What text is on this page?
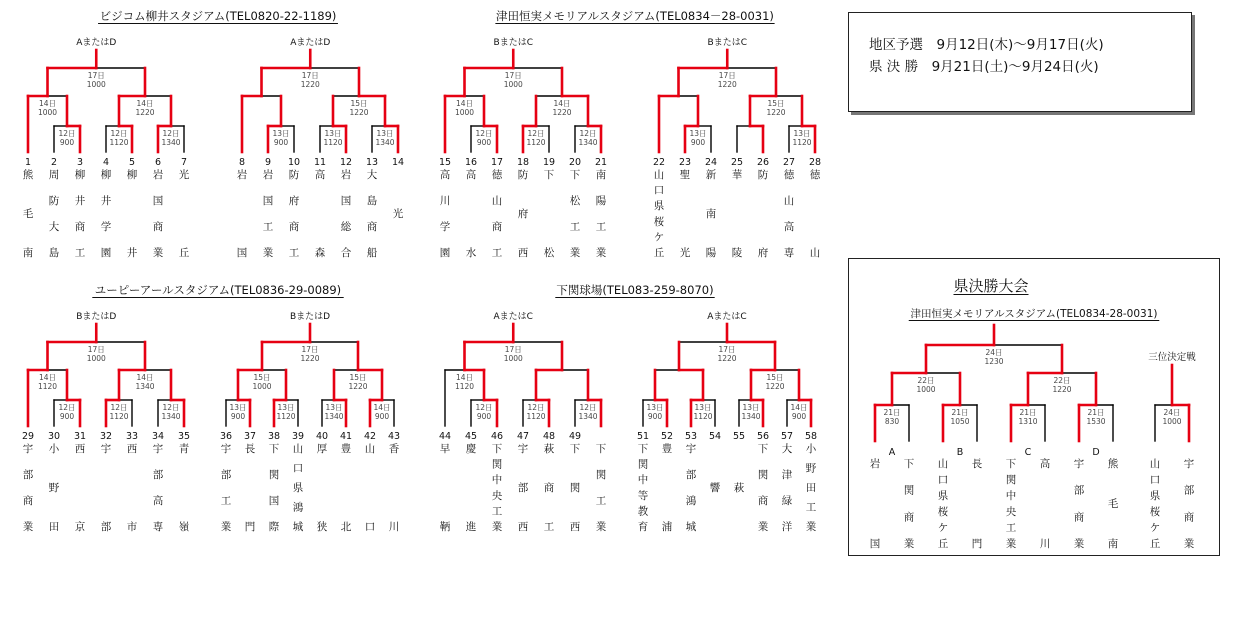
ビジコム柳井スタジアム(TEL0820-22-1189)
17日
1000
14日
1000
1
熊
毛
南
12日
900
2
周
防
大
島
3
柳
井
商
工
14日
1220
12日
1120
4
柳
井
学
園
5
柳
井
12日
1340
6
岩
国
商
業
7
光
丘
AまたはD
17日
1220
8
岩
国
13日
900
9
岩
国
工
業
10
防
府
商
工
15日
1220
13日
1120
11
高
森
12
岩
国
総
合
13日
1340
13
大
島
商
船
14
光
AまたはD
津田恒実メモリアルスタジアム(TEL0834－28-0031)
17日
1000
14日
1000
15
高
川
学
園
12日
900
16
高
水
17
徳
山
商
工
14日
1220
12日
1120
18
防
府
西
19
下
松
12日
1340
20
下
松
工
業
21
南
陽
工
業
BまたはC
17日
1220
22
山
口
県
桜
ケ
丘
13日
900
23
聖
光
24
新
南
陽
15日
1220
25
華
陵
26
防
府
13日
1120
27
徳
山
高
専
28
徳
山
BまたはC
ユーピーアールスタジアム(TEL0836-29-0089)
17日
1000
14日
1120
29
宇
部
商
業
12日
900
30
小
野
田
31
西
京
14日
1340
12日
1120
32
宇
部
33
西
市
12日
1340
34
宇
部
高
専
35
青
嶺
BまたはD
17日
1220
15日
1000
13日
900
36
宇
部
工
業
37
長
門
13日
1120
38
下
関
国
際
39
山
口
県
鴻
城
15日
1220
13日
1340
40
厚
狭
41
豊
北
14日
900
42
山
口
43
香
川
BまたはD
下関球場(TEL083-259-8070)
17日
1000
14日
1120
44
早
鞆
12日
900
45
慶
進
46
下
関
中
央
工
業
12日
1120
47
宇
部
西
48
萩
商
工
12日
1340
49
下
関
西
下
関
工
業
AまたはC
17日
1220
13日
900
51
下
関
中
等
教
育
52
豊
浦
13日
1120
53
宇
部
鴻
城
54
響
15日
1220
13日
1340
55
萩
56
下
関
商
業
14日
900
57
大
津
緑
洋
58
小
野
田
工
業
AまたはC
地区予選　9月12日(木)～9月17日(火)
県 決 勝　9月21日(土)～9月24日(火)
県決勝大会
津田恒実メモリアルスタジアム(TEL0834-28-0031)
24日
1230
22日
1000
21日
830
A
岩
国
下
関
商
業
21日
1050
B
山
口
県
桜
ケ
丘
長
門
22日
1220
21日
1310
C
下
関
中
央
工
業
高
川
21日
1530
D
宇
部
商
業
熊
毛
南
24日
1000
山
口
県
桜
ケ
丘
宇
部
商
業
三位決定戦
